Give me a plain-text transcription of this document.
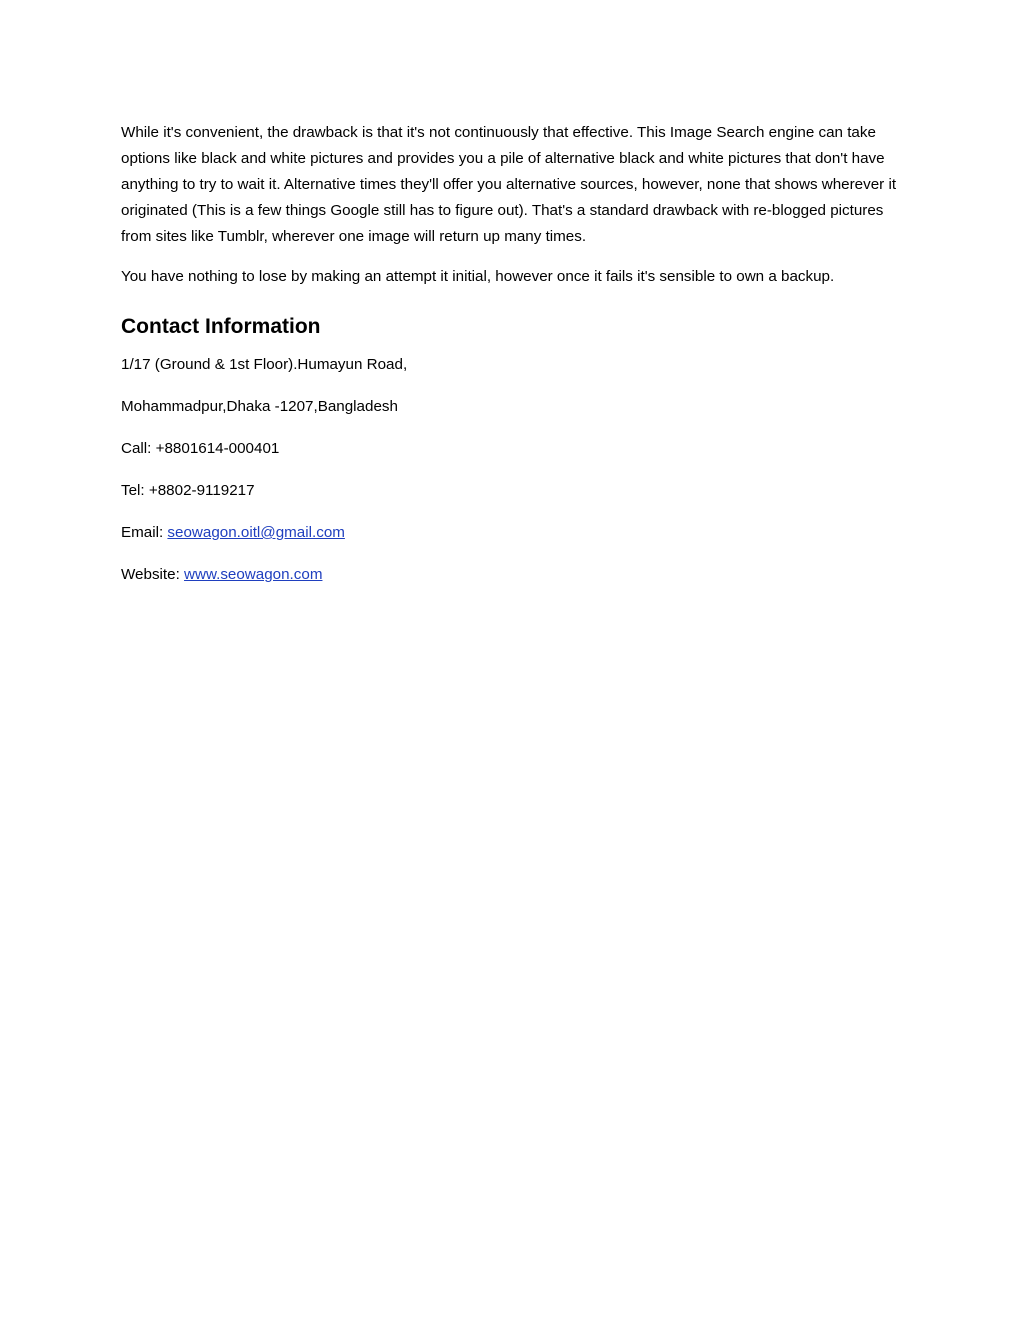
While it's convenient, the drawback is that it's not continuously that effective. This Image Search engine can take options like black and white pictures and provides you a pile of alternative black and white pictures that don't have anything to try to wait it. Alternative times they'll offer you alternative sources, however, none that shows wherever it originated (This is a few things Google still has to figure out). That's a standard drawback with re-blogged pictures from sites like Tumblr, wherever one image will return up many times.

You have nothing to lose by making an attempt it initial, however once it fails it's sensible to own a backup.

Contact Information
1/17 (Ground & 1st Floor).Humayun Road,
Mohammadpur,Dhaka -1207,Bangladesh
Call: +8801614-000401
Tel: +8802-9119217
Email: seowagon.oitl@gmail.com
Website: www.seowagon.com
